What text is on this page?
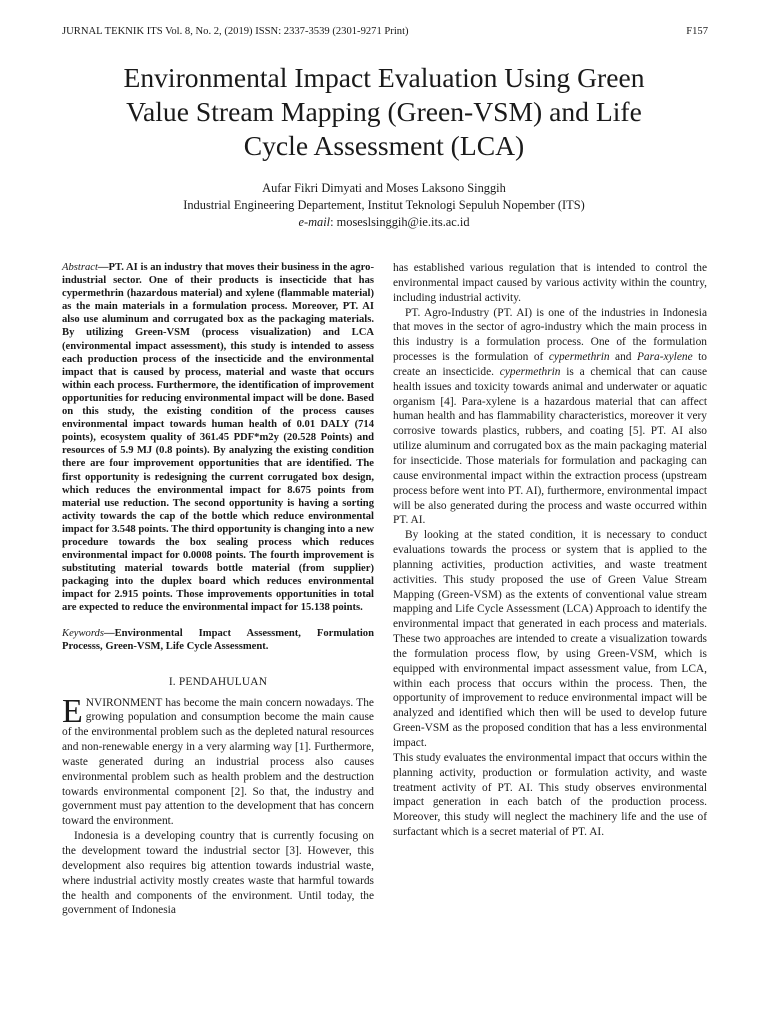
JURNAL TEKNIK ITS Vol. 8, No. 2, (2019) ISSN: 2337-3539 (2301-9271 Print)	F157
Environmental Impact Evaluation Using Green
Value Stream Mapping (Green-VSM) and Life
Cycle Assessment (LCA)
Aufar Fikri Dimyati and Moses Laksono Singgih
Industrial Engineering Departement, Institut Teknologi Sepuluh Nopember (ITS)
e-mail: moseslsinggih@ie.its.ac.id

Abstract—PT. AI is an industry that moves their business in the agro-industrial sector. One of their products is insecticide that has cypermethrin (hazardous material) and xylene (flammable material) as the main materials in a formulation process. Moreover, PT. AI also use aluminum and corrugated box as the packaging materials. By utilizing Green-VSM (process visualization) and LCA (environmental impact assessment), this study is intended to assess each production process of the insecticide and the environmental impact that is caused by process, material and waste that occurs within each process. Furthermore, the identification of improvement opportunities for reducing environmental impact will be done. Based on this study, the existing condition of the process causes environmental impact towards human health of 0.01 DALY (714 points), ecosystem quality of 361.45 PDF*m2y (20.528 Points) and resources of 5.9 MJ (0.8 points). By analyzing the existing condition there are four improvement opportunities that are identified. The first opportunity is redesigning the current corrugated box design, which reduces the environmental impact for 8.675 points from material use reduction. The second opportunity is having a sorting activity towards the cap of the bottle which reduce environmental impact for 3.548 points. The third opportunity is changing into a new procedure towards the box sealing process which reduces environmental impact for 0.0008 points. The fourth improvement is substituting material towards bottle material (from supplier) packaging into the duplex board which reduces environmental impact for 2.915 points. Those improvements opportunities in total are expected to reduce the environmental impact for 15.138 points.

Keywords—Environmental Impact Assessment, Formulation Processs, Green-VSM, Life Cycle Assessment.

I. PENDAHULUAN

ENVIRONMENT has become the main concern nowadays. The growing population and consumption become the main cause of the environmental problem such as the depleted natural resources and non-renewable energy in a very alarming way [1]. Furthermore, waste generated during an industrial process also causes environmental problem such as health problem and the destruction towards environmental component [2]. So that, the industry and government must pay attention to the development that has concern toward the environment.

Indonesia is a developing country that is currently focusing on the development toward the industrial sector [3]. However, this development also requires big attention towards industrial waste, where industrial activity mostly creates waste that harmful towards the health and components of the environment. Until today, the government of Indonesia

has established various regulation that is intended to control the environmental impact caused by various activity within the country, including industrial activity.

PT. Agro-Industry (PT. AI) is one of the industries in Indonesia that moves in the sector of agro-industry which the main process in this industry is a formulation process. One of the formulation processes is the formulation of cypermethrin and Para-xylene to create an insecticide. cypermethrin is a chemical that can cause health issues and toxicity towards animal and underwater or aquatic organism [4]. Para-xylene is a hazardous material that can affect human health and has flammability characteristics, moreover it very corrosive towards plastics, rubbers, and coating [5]. PT. AI also utilize aluminum and corrugated box as the main packaging material for insecticide. Those materials for formulation and packaging can cause environmental impact within the extraction process (upstream process before went into PT. AI), furthermore, environmental impact will be also generated during the process and waste occurred within PT. AI.

By looking at the stated condition, it is necessary to conduct evaluations towards the process or system that is applied to the planning activities, production activities, and waste treatment activities. This study proposed the use of Green Value Stream Mapping (Green-VSM) as the extents of conventional value stream mapping and Life Cycle Assessment (LCA) Approach to identify the environmental impact that generated in each process and materials. These two approaches are intended to create a visualization towards the formulation process flow, by using Green-VSM, which is equipped with environmental impact assessment value, from LCA, within each process that occurs within the process. Then, the opportunity of improvement to reduce environmental impact will be analyzed and identified which then will be used to develop future Green-VSM as the proposed condition that has a less environmental impact.

This study evaluates the environmental impact that occurs within the planning activity, production or formulation activity, and waste treatment activity of PT. AI. This study observes environmental impact generation in each batch of the production process. Moreover, this study will neglect the machinery life and the use of surfactant which is a secret material of PT. AI.
